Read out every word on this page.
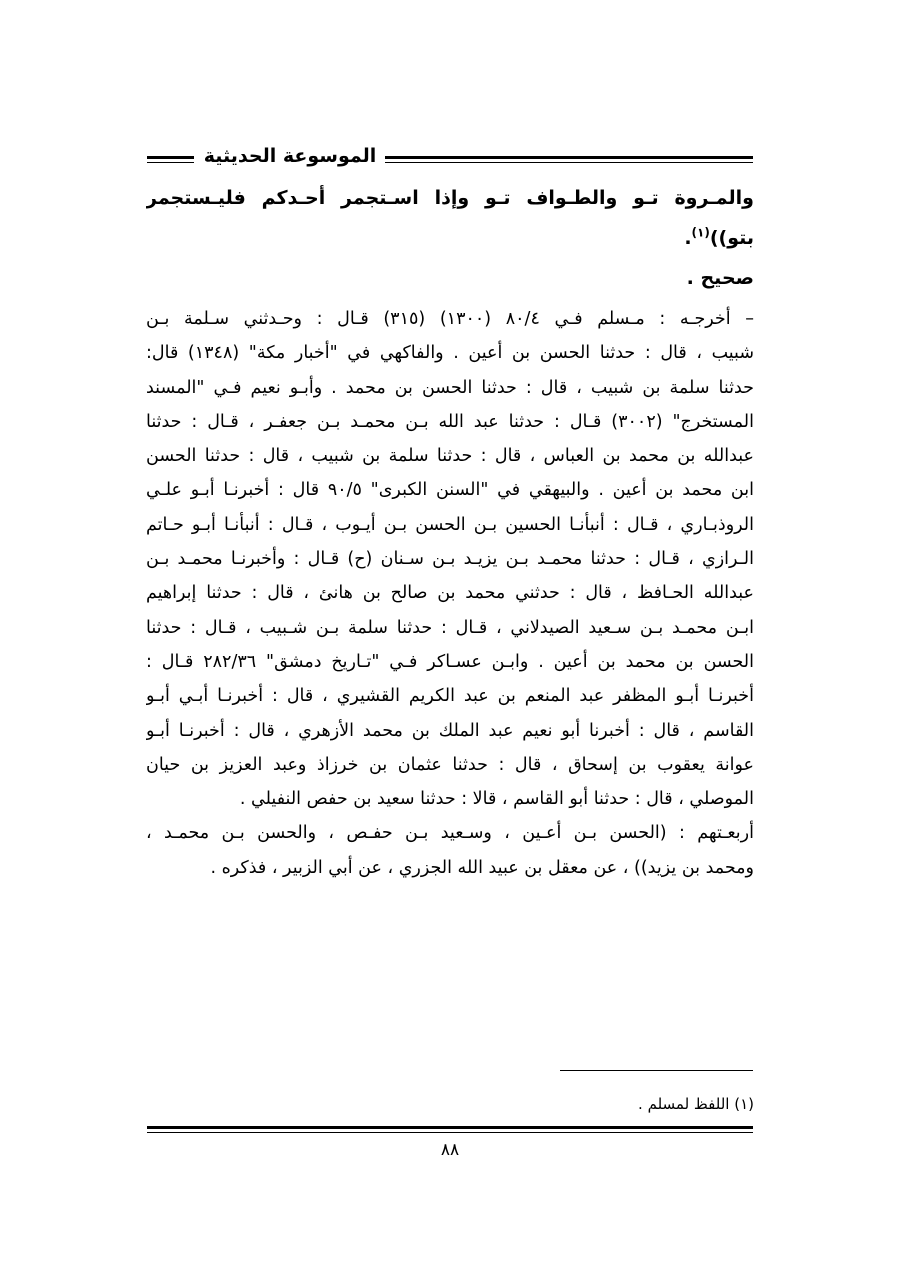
الموسوعة الحديثية
والمـروة تـو والطـواف تـو وإذا اسـتجمر أحـدكم فليـستجمر
بتو))$^{(١)}$.
صحيح .
– أخرجـه : مـسلم فـي ٨٠/٤ (١٣٠٠) (٣١٥) قـال : وحـدثني سـلمة بـن
شبيب ، قال : حدثنا الحسن بن أعين . والفاكهي في "أخبار مكة" (١٣٤٨) قال:
حدثنا سلمة بن شبيب ، قال : حدثنا الحسن بن محمد . وأبـو نعيم فـي "المسند
المستخرج" (٣٠٠٢) قـال : حدثنا عبد الله بـن محمـد بـن جعفـر ، قـال : حدثنا
عبدالله بن محمد بن العباس ، قال : حدثنا سلمة بن شبيب ، قال : حدثنا الحسن
ابن محمد بن أعين . والبيهقي في "السنن الكبرى" ٩٠/٥ قال : أخبرنـا أبـو علـي
الروذبـاري ، قـال : أنبأنـا الحسين بـن الحسن بـن أيـوب ، قـال : أنبأنـا أبـو حـاتم
الـرازي ، قـال : حدثنا محمـد بـن يزيـد بـن سـنان (ح) قـال : وأخبرنـا محمـد بـن
عبدالله الحـافظ ، قال : حدثني محمد بن صالح بن هانئ ، قال : حدثنا إبراهيم
ابـن محمـد بـن سـعيد الصيدلاني ، قـال : حدثنا سلمة بـن شـبيب ، قـال : حدثنا
الحسن بن محمد بن أعين . وابـن عسـاكر فـي "تـاريخ دمشق" ٢٨٢/٣٦ قـال :
أخبرنـا أبـو المظفر عبد المنعم بن عبد الكريم القشيري ، قال : أخبرنـا أبـي أبـو
القاسم ، قال : أخبرنا أبو نعيم عبد الملك بن محمد الأزهري ، قال : أخبرنـا أبـو
عوانة يعقوب بن إسحاق ، قال : حدثنا عثمان بن خرزاذ وعبد العزيز بن حيان
الموصلي ، قال : حدثنا أبو القاسم ، قالا : حدثنا سعيد بن حفص النفيلي .
أربعـتهم : (الحسن بـن أعـين ، وسـعيد بـن حفـص ، والحسن بـن محمـد ،
ومحمد بن يزيد)) ، عن معقل بن عبيد الله الجزري ، عن أبي الزبير ، فذكره .
(١) اللفظ لمسلم .
٨٨
